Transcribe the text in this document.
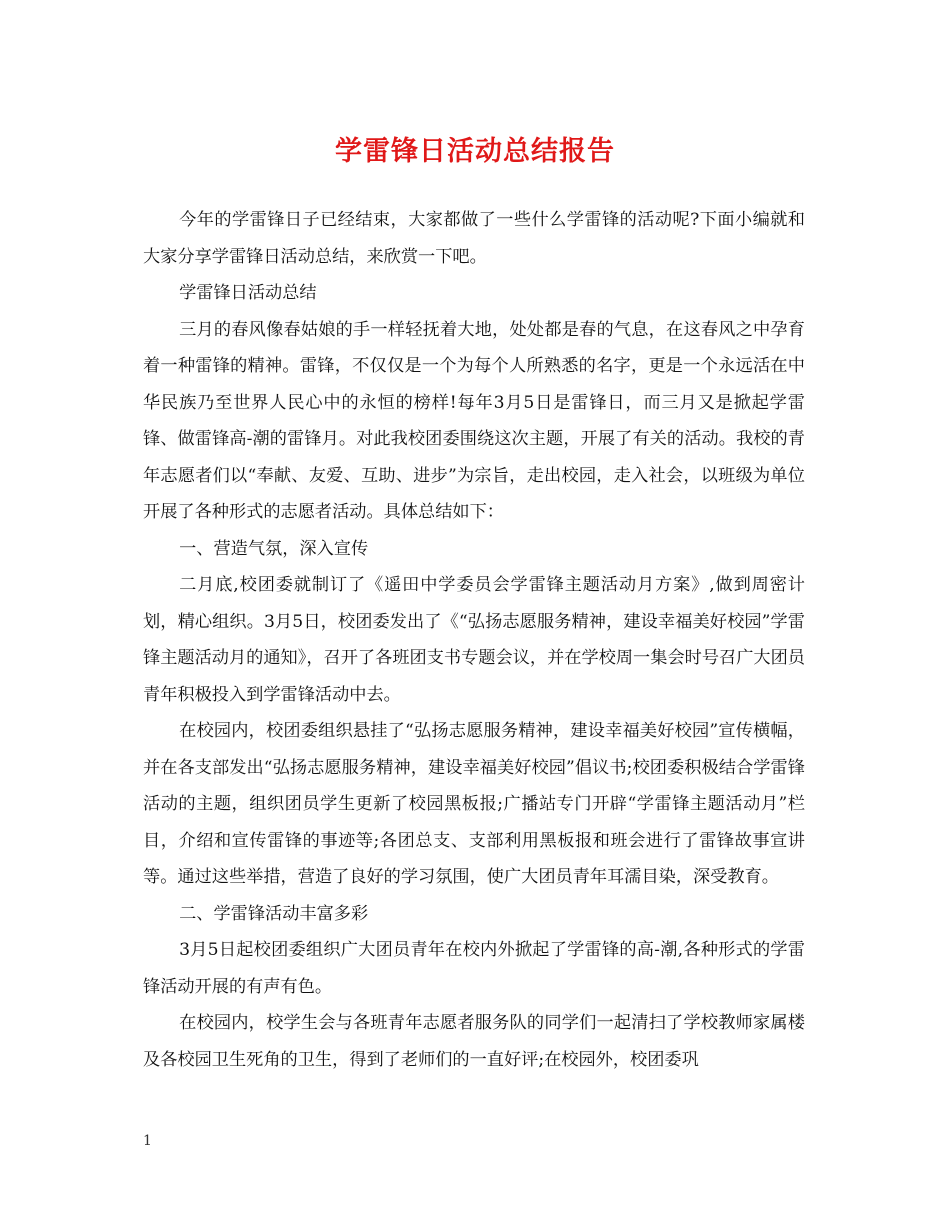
学雷锋日活动总结报告

今年的学雷锋日子已经结束，大家都做了一些什么学雷锋的活动呢?下面小编就和大家分享学雷锋日活动总结，来欣赏一下吧。

学雷锋日活动总结

三月的春风像春姑娘的手一样轻抚着大地，处处都是春的气息，在这春风之中孕育着一种雷锋的精神。雷锋，不仅仅是一个为每个人所熟悉的名字，更是一个永远活在中华民族乃至世界人民心中的永恒的榜样!每年3月5日是雷锋日，而三月又是掀起学雷锋、做雷锋高-潮的雷锋月。对此我校团委围绕这次主题，开展了有关的活动。我校的青年志愿者们以“奉献、友爱、互助、进步”为宗旨，走出校园，走入社会，以班级为单位开展了各种形式的志愿者活动。具体总结如下：

一、营造气氛，深入宣传

二月底,校团委就制订了《遥田中学委员会学雷锋主题活动月方案》,做到周密计划，精心组织。3月5日，校团委发出了《“弘扬志愿服务精神，建设幸福美好校园”学雷锋主题活动月的通知》，召开了各班团支书专题会议，并在学校周一集会时号召广大团员青年积极投入到学雷锋活动中去。

在校园内，校团委组织悬挂了“弘扬志愿服务精神，建设幸福美好校园”宣传横幅，并在各支部发出“弘扬志愿服务精神，建设幸福美好校园”倡议书;校团委积极结合学雷锋活动的主题，组织团员学生更新了校园黑板报;广播站专门开辟“学雷锋主题活动月”栏目，介绍和宣传雷锋的事迹等;各团总支、支部利用黑板报和班会进行了雷锋故事宣讲等。通过这些举措，营造了良好的学习氛围，使广大团员青年耳濡目染，深受教育。

二、学雷锋活动丰富多彩

3月5日起校团委组织广大团员青年在校内外掀起了学雷锋的高-潮,各种形式的学雷锋活动开展的有声有色。

在校园内，校学生会与各班青年志愿者服务队的同学们一起清扫了学校教师家属楼及各校园卫生死角的卫生，得到了老师们的一直好评;在校园外，校团委巩

1
